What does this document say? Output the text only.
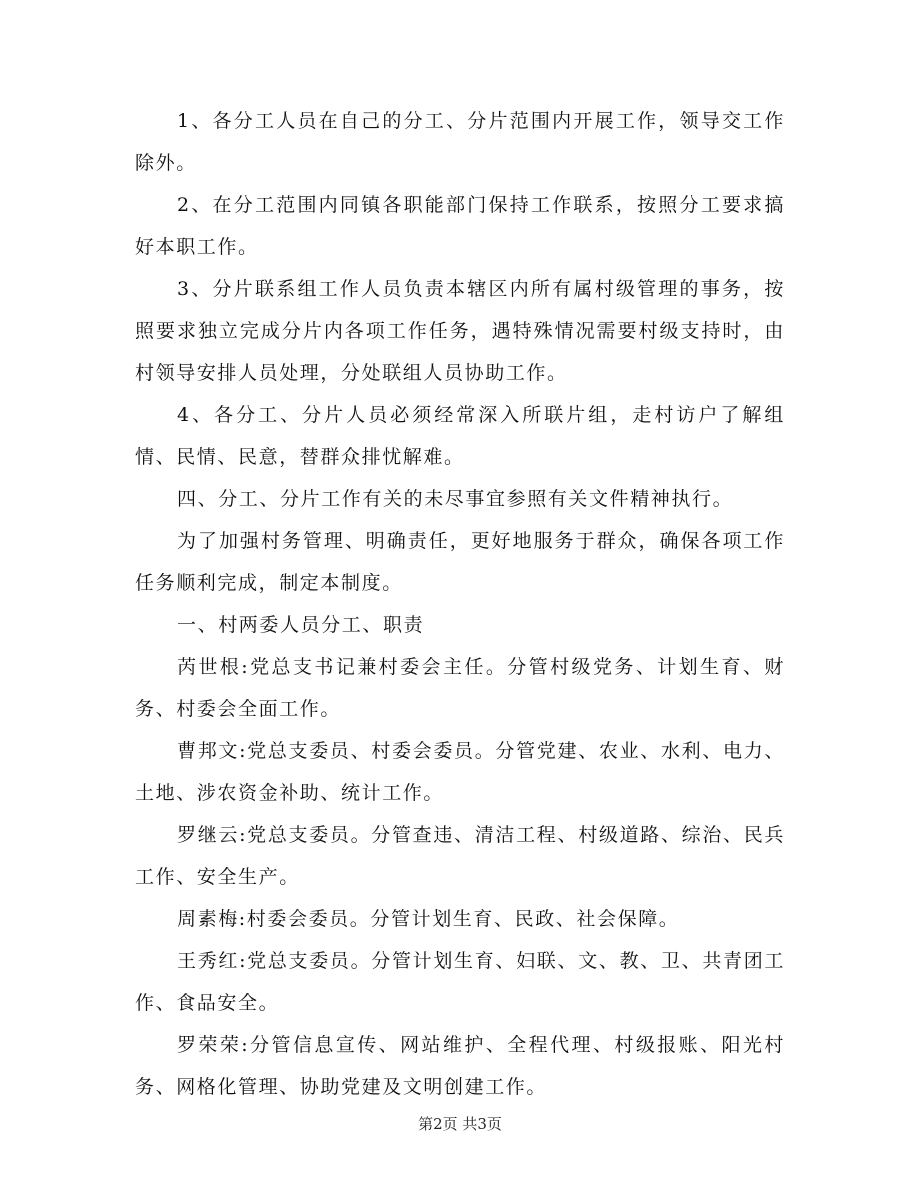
1、各分工人员在自己的分工、分片范围内开展工作，领导交工作除外。

2、在分工范围内同镇各职能部门保持工作联系，按照分工要求搞好本职工作。

3、分片联系组工作人员负责本辖区内所有属村级管理的事务，按照要求独立完成分片内各项工作任务，遇特殊情况需要村级支持时，由村领导安排人员处理，分处联组人员协助工作。

4、各分工、分片人员必须经常深入所联片组，走村访户了解组情、民情、民意，替群众排忧解难。

四、分工、分片工作有关的未尽事宜参照有关文件精神执行。

为了加强村务管理、明确责任，更好地服务于群众，确保各项工作任务顺利完成，制定本制度。

一、村两委人员分工、职责

芮世根:党总支书记兼村委会主任。分管村级党务、计划生育、财务、村委会全面工作。

曹邦文:党总支委员、村委会委员。分管党建、农业、水利、电力、土地、涉农资金补助、统计工作。

罗继云:党总支委员。分管查违、清洁工程、村级道路、综治、民兵工作、安全生产。

周素梅:村委会委员。分管计划生育、民政、社会保障。

王秀红:党总支委员。分管计划生育、妇联、文、教、卫、共青团工作、食品安全。

罗荣荣:分管信息宣传、网站维护、全程代理、村级报账、阳光村务、网格化管理、协助党建及文明创建工作。

第2页 共3页
